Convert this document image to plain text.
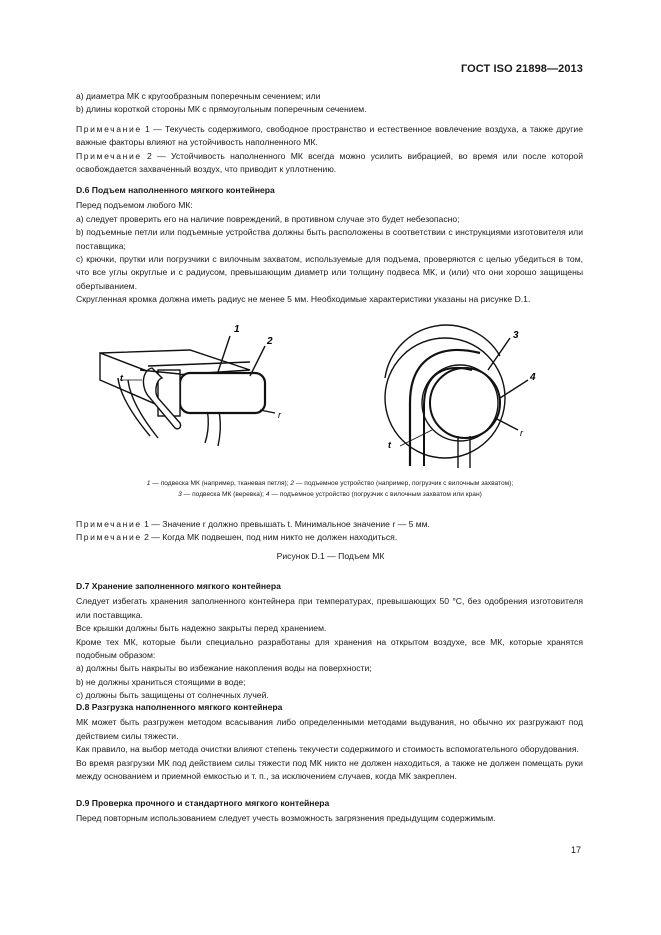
ГОСТ ISO 21898—2013

a) диаметра МК с кругообразным поперечным сечением; или

b) длины короткой стороны МК с прямоугольным поперечным сечением.

Примечание 1 — Текучесть содержимого, свободное пространство и естественное вовлечение воздуха, а также другие важные факторы влияют на устойчивость наполненного МК.

Примечание 2 — Устойчивость наполненного МК всегда можно усилить вибрацией, во время или после которой освобождается захваченный воздух, что приводит к уплотнению.

D.6 Подъем наполненного мягкого контейнера

Перед подъемом любого МК:

a) следует проверить его на наличие повреждений, в противном случае это будет небезопасно;

b) подъемные петли или подъемные устройства должны быть расположены в соответствии с инструкциями изготовителя или поставщика;

c) крючки, прутки или погрузчики с вилочным захватом, используемые для подъема, проверяются с целью убедиться в том, что все углы округлые и с радиусом, превышающим диаметр или толщину подвеса МК, и (или) что они хорошо защищены обертыванием.

Скругленная кромка должна иметь радиус не менее 5 мм. Необходимые характеристики указаны на рисунке D.1.

1
2
t
r
3
4
t
r
1 — подвеска МК (например, тканевая петля); 2 — подъемное устройство (например, погрузчик с вилочным захватом);
3 — подвеска МК (веревка); 4 — подъемное устройство (погрузчик с вилочным захватом или кран)

Примечание 1 — Значение r должно превышать t. Минимальное значение r — 5 мм.

Примечание 2 — Когда МК подвешен, под ним никто не должен находиться.

Рисунок D.1 — Подъем МК

D.7 Хранение заполненного мягкого контейнера

Следует избегать хранения заполненного контейнера при температурах, превышающих 50 °С, без одобрения изготовителя или поставщика.

Все крышки должны быть надежно закрыты перед хранением.

Кроме тех МК, которые были специально разработаны для хранения на открытом воздухе, все МК, которые хранятся подобным образом:

a) должны быть накрыты во избежание накопления воды на поверхности;

b) не должны храниться стоящими в воде;

c) должны быть защищены от солнечных лучей.

D.8 Разгрузка наполненного мягкого контейнера

МК может быть разгружен методом всасывания либо определенными методами выдувания, но обычно их разгружают под действием силы тяжести.

Как правило, на выбор метода очистки влияют степень текучести содержимого и стоимость вспомогательного оборудования.

Во время разгрузки МК под действием силы тяжести под МК никто не должен находиться, а также не должен помещать руки между основанием и приемной емкостью и т. п., за исключением случаев, когда МК закреплен.

D.9 Проверка прочного и стандартного мягкого контейнера

Перед повторным использованием следует учесть возможность загрязнения предыдущим содержимым.

17
